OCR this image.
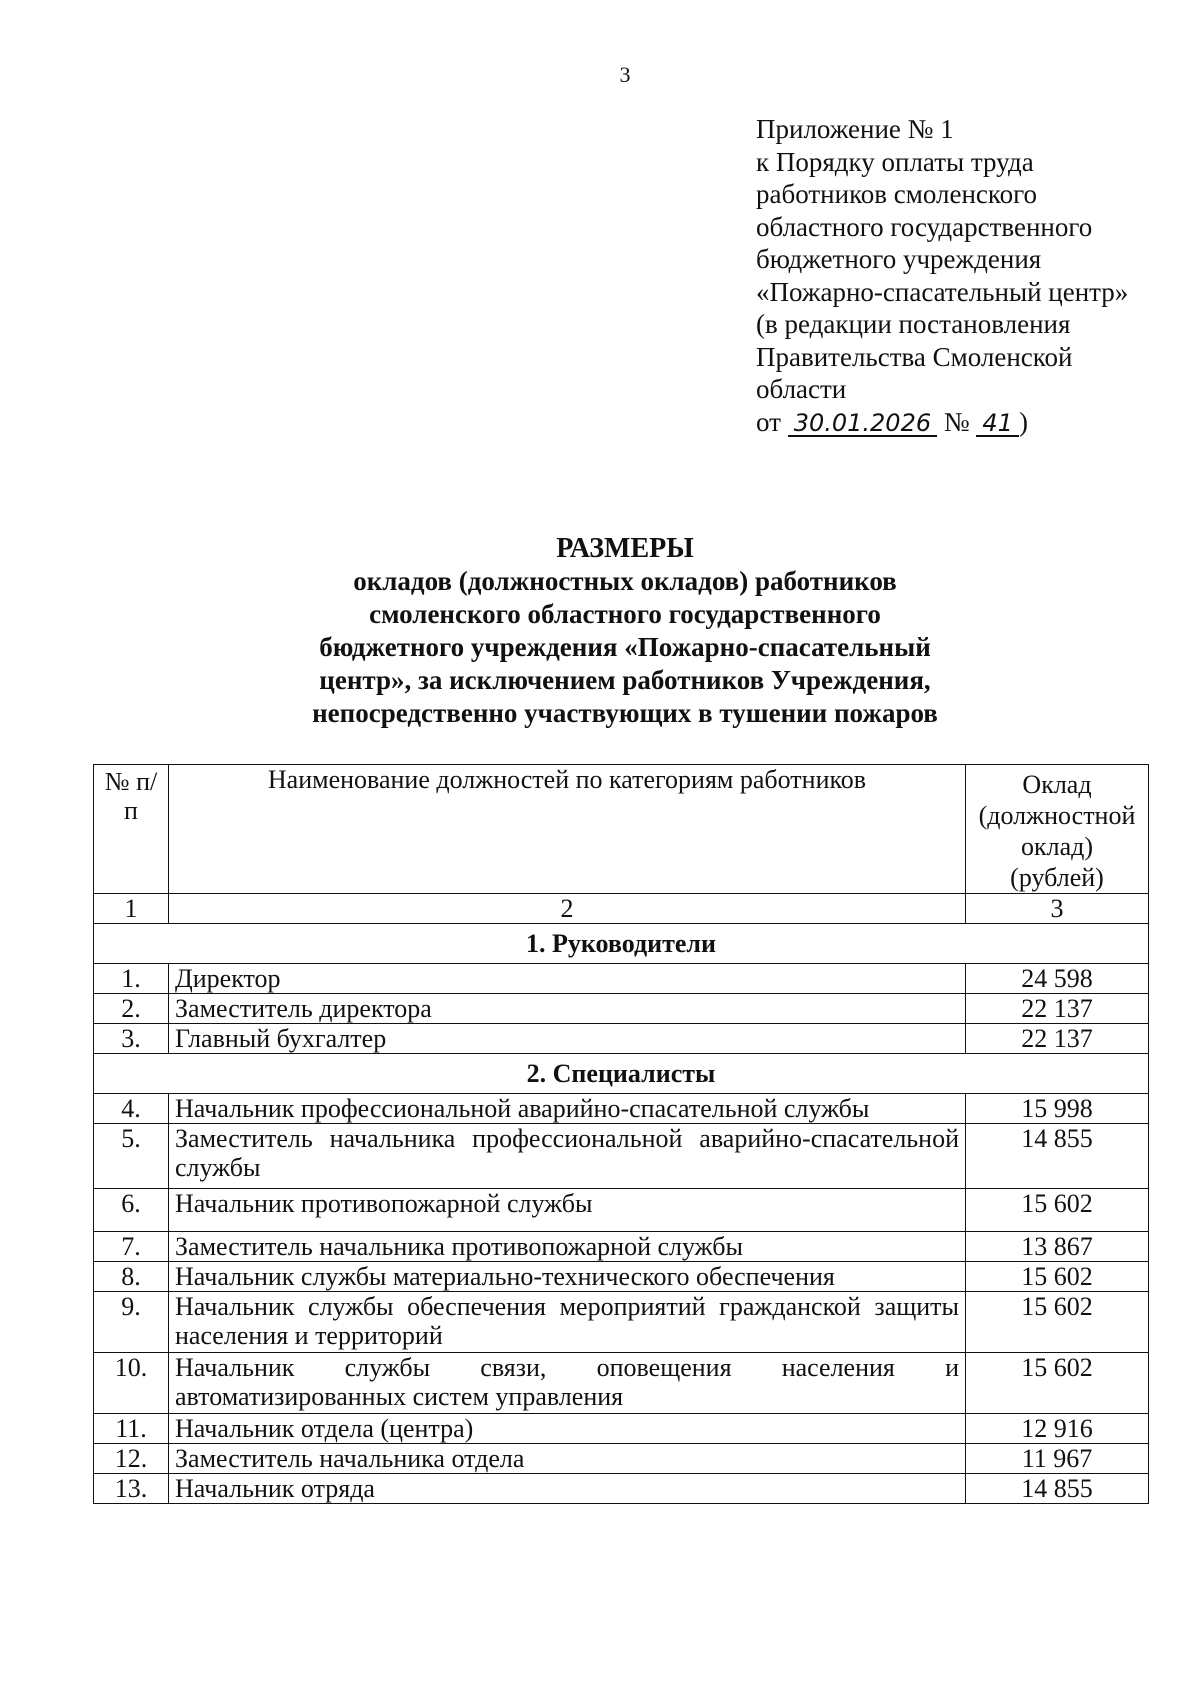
3
Приложение № 1
к Порядку оплаты труда
работников смоленского
областного государственного
бюджетного учреждения
«Пожарно-спасательный центр»
(в редакции постановления
Правительства Смоленской
области
от 30.01.2026 № 41 )
РАЗМЕРЫ
окладов (должностных окладов) работников
смоленского областного государственного
бюджетного учреждения «Пожарно-спасательный
центр», за исключением работников Учреждения,
непосредственно участвующих в тушении пожаров
№ п/п	Наименование должностей по категориям работников	Оклад (должностной оклад) (рублей)
1	2	3
1. Руководители		
1.	Директор	24 598
2.	Заместитель директора	22 137
3.	Главный бухгалтер	22 137
2. Специалисты		
4.	Начальник профессиональной аварийно-спасательной службы	15 998
5.	Заместитель начальника профессиональной аварийно-спасательной службы	14 855
6.	Начальник противопожарной службы	15 602
7.	Заместитель начальника противопожарной службы	13 867
8.	Начальник службы материально-технического обеспечения	15 602
9.	Начальник службы обеспечения мероприятий гражданской защиты населения и территорий	15 602
10.	Начальник службы связи, оповещения населения и автоматизированных систем управления	15 602
11.	Начальник отдела (центра)	12 916
12.	Заместитель начальника отдела	11 967
13.	Начальник отряда	14 855
